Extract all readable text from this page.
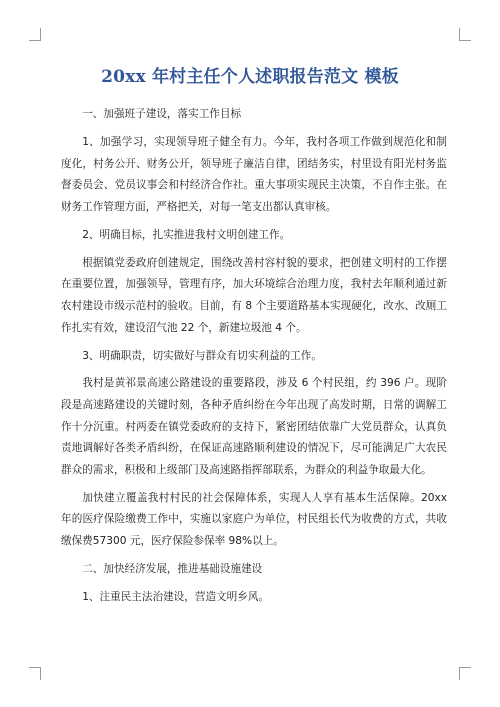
20xx 年村主任个人述职报告范文 模板

一、加强班子建设，落实工作目标

1、加强学习，实现领导班子健全有力。今年，我村各项工作做到规范化和制度化，村务公开、财务公开，领导班子廉洁自律，团结务实，村里设有阳光村务监督委员会、党员议事会和村经济合作社。重大事项实现民主决策，不自作主张。在财务工作管理方面，严格把关，对每一笔支出都认真审核。

2、明确目标，扎实推进我村文明创建工作。

根据镇党委政府创建规定，围绕改善村容村貌的要求，把创建文明村的工作摆在重要位置，加强领导，管理有序，加大环境综合治理力度，我村去年顺利通过新农村建设市级示范村的验收。目前，有 8 个主要道路基本实现硬化，改水、改厕工作扎实有效，建设沼气池 22 个，新建垃圾池 4 个。

3、明确职责，切实做好与群众有切实利益的工作。

我村是黄祁景高速公路建设的重要路段，涉及 6 个村民组，约 396 户。现阶段是高速路建设的关键时刻，各种矛盾纠纷在今年出现了高发时期，日常的调解工作十分沉重。村两委在镇党委政府的支持下，紧密团结依靠广大党员群众，认真负责地调解好各类矛盾纠纷，在保证高速路顺利建设的情况下，尽可能满足广大农民群众的需求，积极和上级部门及高速路指挥部联系，为群众的利益争取最大化。

加快建立覆盖我村村民的社会保障体系，实现人人享有基本生活保障。20xx 年的医疗保险缴费工作中，实施以家庭户为单位，村民组长代为收费的方式，共收缴保费57300 元，医疗保险参保率 98%以上。

二、加快经济发展，推进基础设施建设

1、注重民主法治建设，营造文明乡风。
